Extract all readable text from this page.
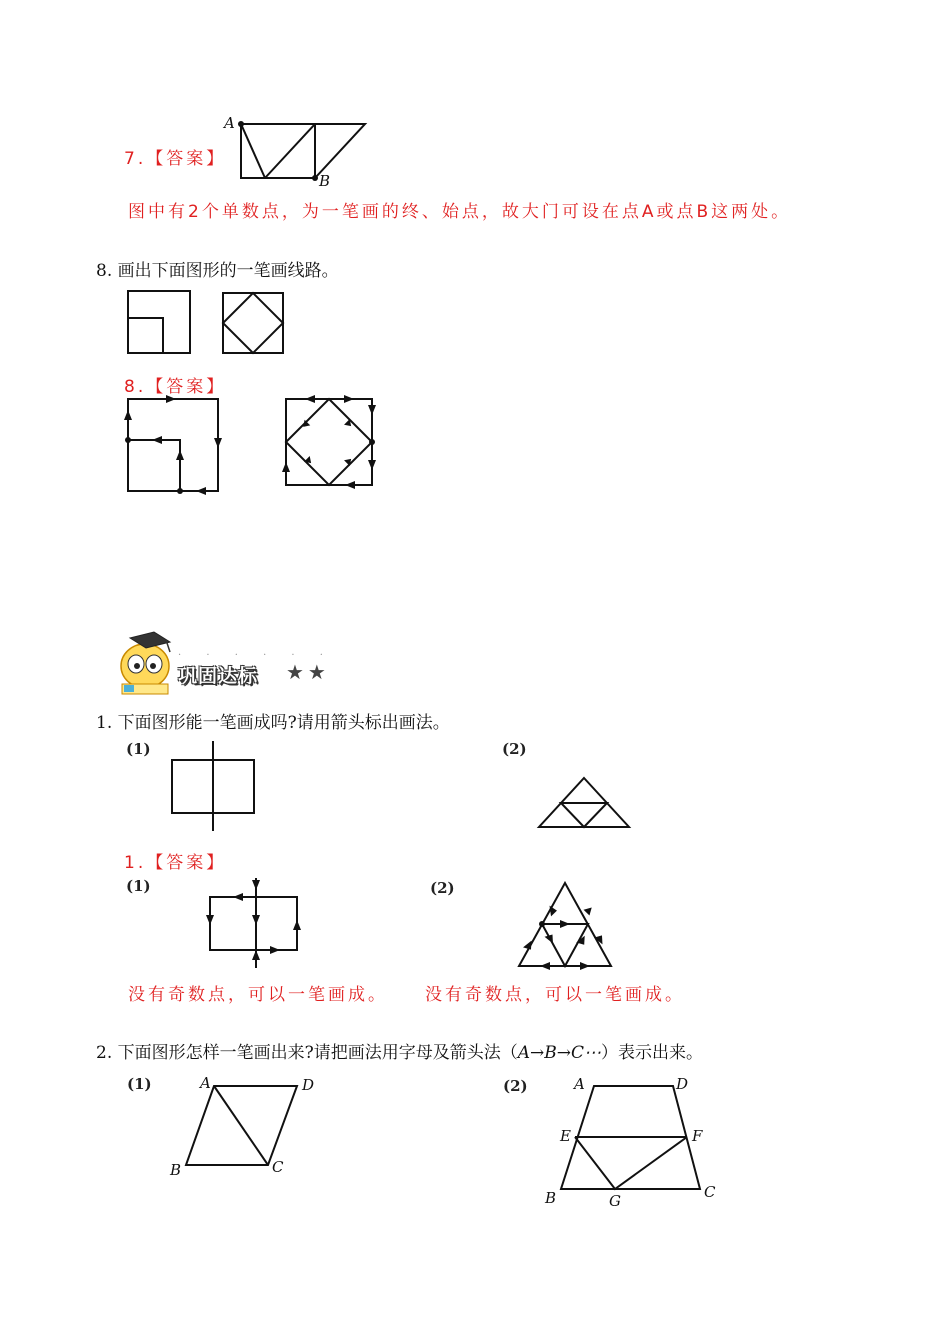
7.【答案】
A
B
图中有2个单数点，为一笔画的终、始点，故大门可设在点A或点B这两处。
8. 画出下面图形的一笔画线路。
8.【答案】
· · · · · ·
巩固达标 ★★
1. 下面图形能一笔画成吗?请用箭头标出画法。
(1)	(2)
1.【答案】
(1)	(2)
没有奇数点，可以一笔画成。 没有奇数点，可以一笔画成。
2. 下面图形怎样一笔画出来?请把画法用字母及箭头法（A→B→C⋯）表示出来。
(1)	(2)
A	D
B	C
A	D
E	F
B	G	C
